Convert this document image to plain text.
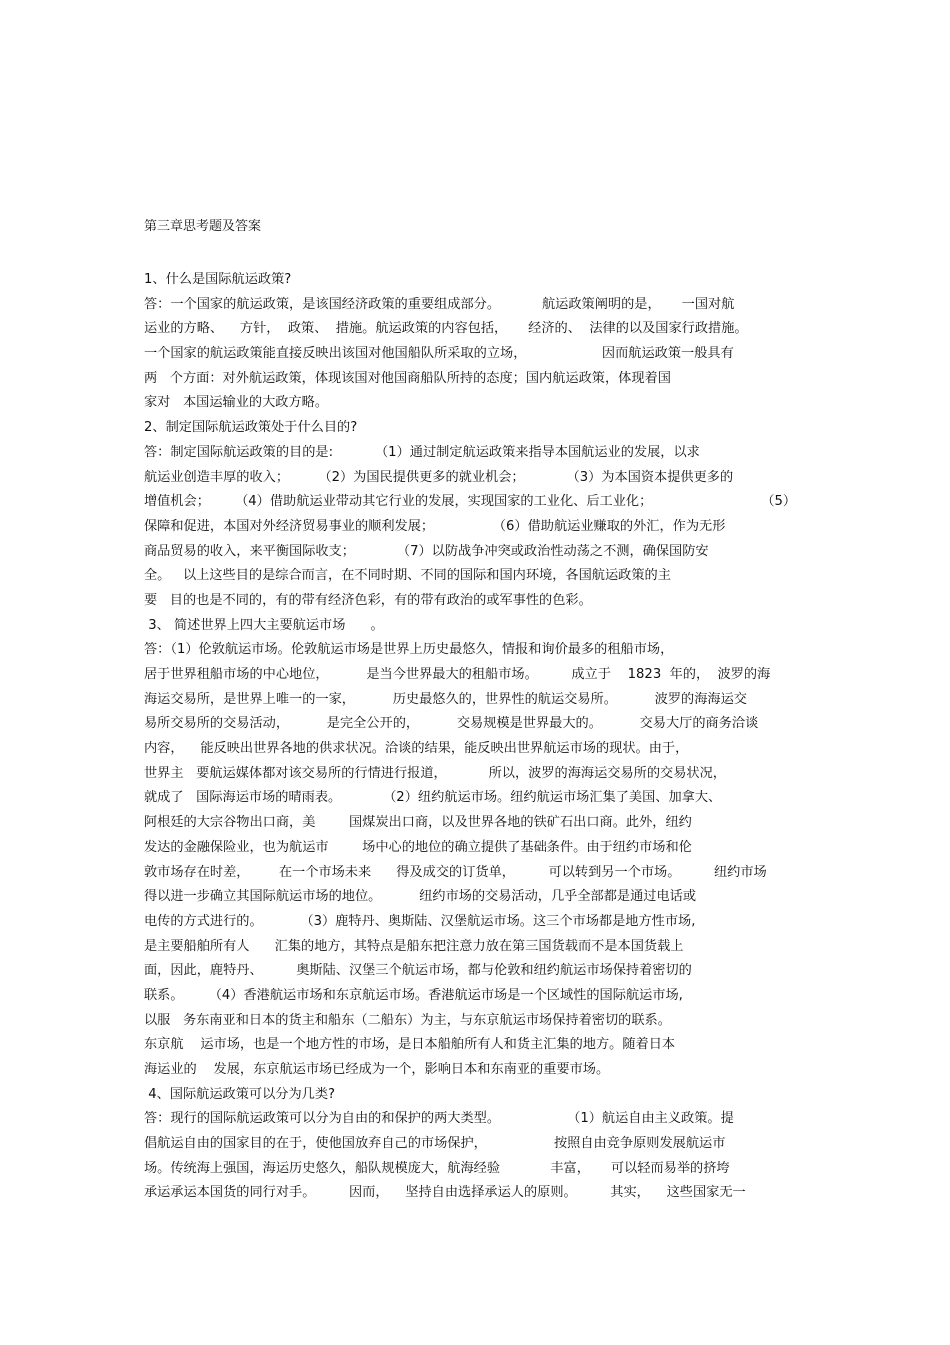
第三章思考题及答案
1、什么是国际航运政策?
答：一个国家的航运政策，是该国经济政策的重要组成部分。          航运政策阐明的是，     一国对航
运业的方略、    方针，  政策、  措施。航运政策的内容包括，     经济的、  法律的以及国家行政措施。
一个国家的航运政策能直接反映出该国对他国船队所采取的立场，                  因而航运政策一般具有
两   个方面：对外航运政策，体现该国对他国商船队所持的态度；国内航运政策，体现着国
家对   本国运输业的大政方略。
2、制定国际航运政策处于什么目的?
答：制定国际航运政策的目的是:          （1）通过制定航运政策来指导本国航运业的发展，以求
航运业创造丰厚的收入；       （2）为国民提供更多的就业机会；          （3）为本国资本提供更多的
增值机会；      （4）借助航运业带动其它行业的发展，实现国家的工业化、后工业化；                          （5）
保障和促进，本国对外经济贸易事业的顺利发展；              （6）借助航运业赚取的外汇，作为无形
商品贸易的收入，来平衡国际收支；          （7）以防战争冲突或政治性动荡之不测，确保国防安
全。   以上这些目的是综合而言，在不同时期、不同的国际和国内环境，各国航运政策的主
要   目的也是不同的，有的带有经济色彩，有的带有政治的或军事性的色彩。
3、 简述世界上四大主要航运市场      。
答：（1）伦敦航运市场。伦敦航运市场是世界上历史最悠久，情报和询价最多的租船市场，
居于世界租船市场的中心地位，         是当今世界最大的租船市场。        成立于    1823  年的，  波罗的海
海运交易所，是世界上唯一的一家，         历史最悠久的，世界性的航运交易所。         波罗的海海运交
易所交易所的交易活动，         是完全公开的，         交易规模是世界最大的。         交易大厅的商务洽谈
内容，    能反映出世界各地的供求状况。洽谈的结果，能反映出世界航运市场的现状。由于，
世界主   要航运媒体都对该交易所的行情进行报道，          所以，波罗的海海运交易所的交易状况，
就成了   国际海运市场的晴雨表。          （2）纽约航运市场。纽约航运市场汇集了美国、加拿大、
阿根廷的大宗谷物出口商，美        国煤炭出口商，以及世界各地的铁矿石出口商。此外，纽约
发达的金融保险业，也为航运市        场中心的地位的确立提供了基础条件。由于纽约市场和伦
敦市场存在时差，       在一个市场未来      得及成交的订货单，        可以转到另一个市场。        纽约市场
得以进一步确立其国际航运市场的地位。         纽约市场的交易活动，几乎全部都是通过电话或
电传的方式进行的。         （3）鹿特丹、奥斯陆、汉堡航运市场。这三个市场都是地方性市场,
是主要船舶所有人      汇集的地方，其特点是船东把注意力放在第三国货载而不是本国货载上
面，因此，鹿特丹、        奥斯陆、汉堡三个航运市场，都与伦敦和纽约航运市场保持着密切的
联系。      （4）香港航运市场和东京航运市场。香港航运市场是一个区域性的国际航运市场,
以服   务东南亚和日本的货主和船东（二船东）为主，与东京航运市场保持着密切的联系。
东京航    运市场，也是一个地方性的市场，是日本船舶所有人和货主汇集的地方。随着日本
海运业的    发展，东京航运市场已经成为一个，影响日本和东南亚的重要市场。
4、国际航运政策可以分为几类?
答：现行的国际航运政策可以分为自由的和保护的两大类型。                （1）航运自由主义政策。提
倡航运自由的国家目的在于，使他国放弃自己的市场保护，                按照自由竞争原则发展航运市
场。传统海上强国，海运历史悠久，船队规模庞大，航海经验            丰富，     可以轻而易举的挤垮
承运承运本国货的同行对手。        因而，    坚持自由选择承运人的原则。        其实，    这些国家无一
